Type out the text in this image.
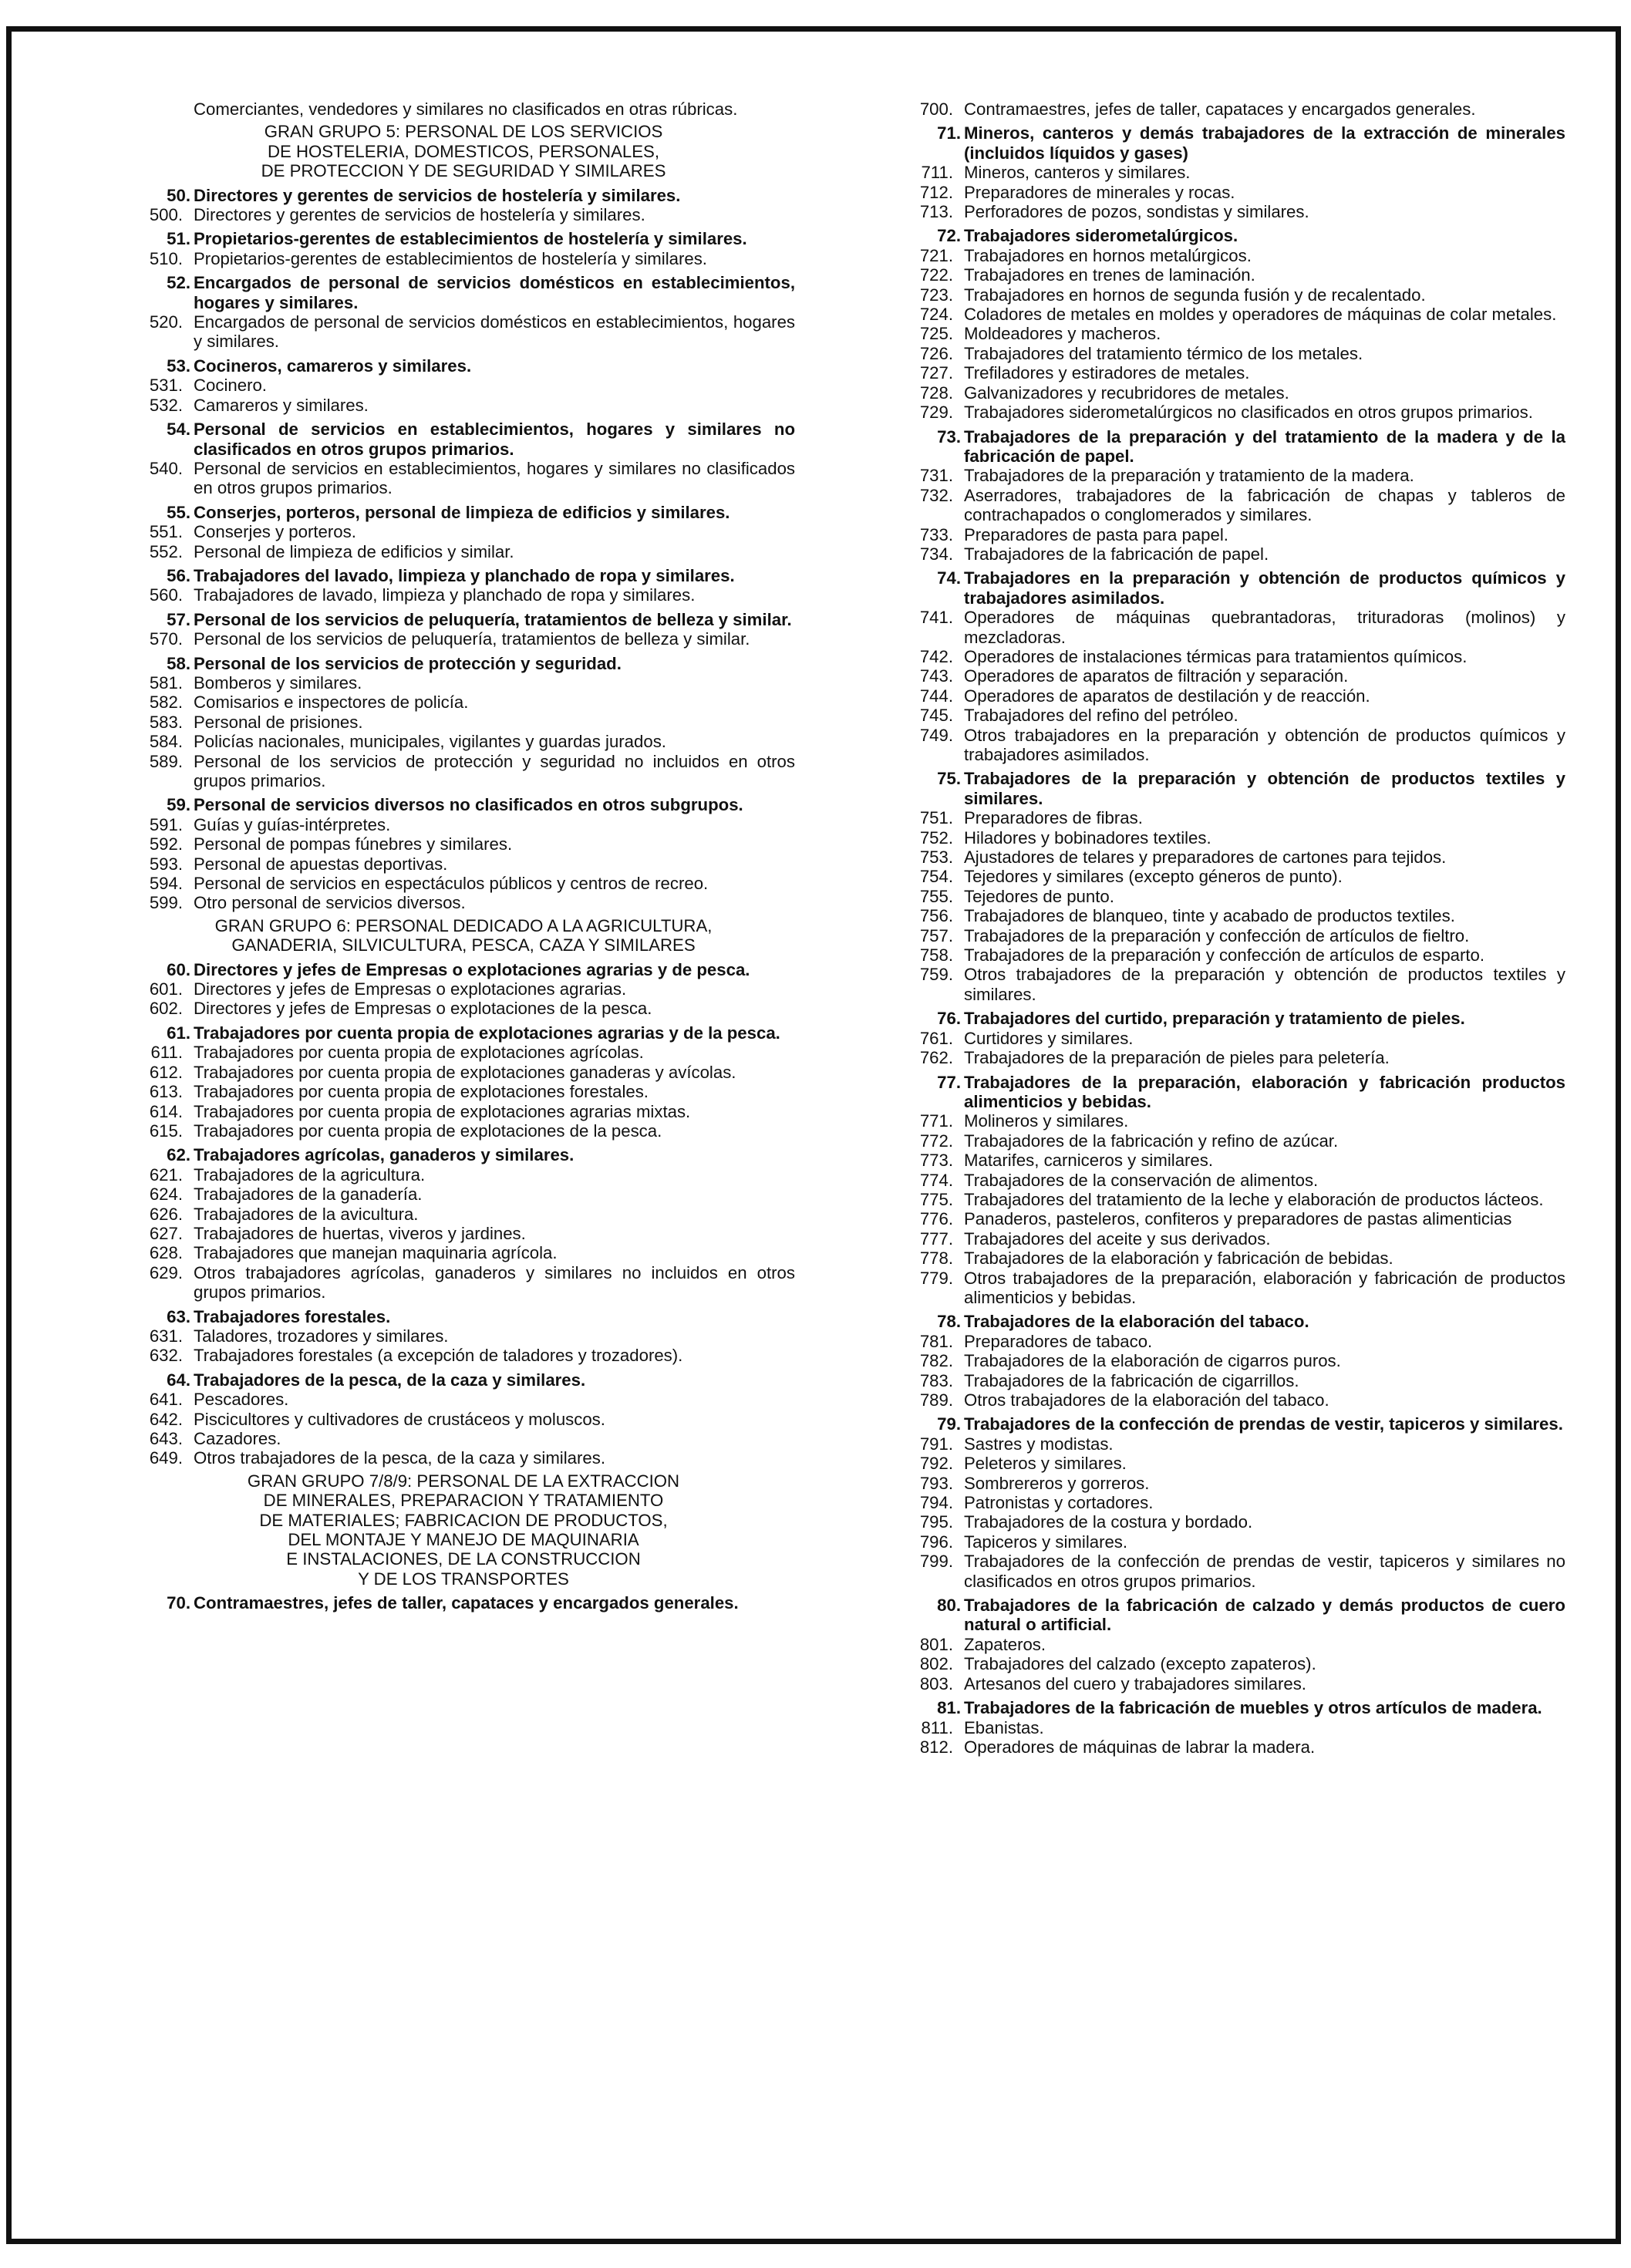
Comerciantes, vendedores y similares no clasificados en otras rúbricas.
GRAN GRUPO 5: PERSONAL DE LOS SERVICIOS
DE HOSTELERIA, DOMESTICOS, PERSONALES,
DE PROTECCION Y DE SEGURIDAD Y SIMILARES
50. Directores y gerentes de servicios de hostelería y similares.
500. Directores y gerentes de servicios de hostelería y similares.
51. Propietarios-gerentes de establecimientos de hostelería y similares.
510. Propietarios-gerentes de establecimientos de hostelería y similares.
52. Encargados de personal de servicios domésticos en establecimientos, hogares y similares.
520. Encargados de personal de servicios domésticos en establecimientos, hogares y similares.
53. Cocineros, camareros y similares.
531. Cocinero.
532. Camareros y similares.
54. Personal de servicios en establecimientos, hogares y similares no clasificados en otros grupos primarios.
540. Personal de servicios en establecimientos, hogares y similares no clasificados en otros grupos primarios.
55. Conserjes, porteros, personal de limpieza de edificios y similares.
551. Conserjes y porteros.
552. Personal de limpieza de edificios y similar.
56. Trabajadores del lavado, limpieza y planchado de ropa y similares.
560. Trabajadores de lavado, limpieza y planchado de ropa y similares.
57. Personal de los servicios de peluquería, tratamientos de belleza y similar.
570. Personal de los servicios de peluquería, tratamientos de belleza y similar.
58. Personal de los servicios de protección y seguridad.
581. Bomberos y similares.
582. Comisarios e inspectores de policía.
583. Personal de prisiones.
584. Policías nacionales, municipales, vigilantes y guardas jurados.
589. Personal de los servicios de protección y seguridad no incluidos en otros grupos primarios.
59. Personal de servicios diversos no clasificados en otros subgrupos.
591. Guías y guías-intérpretes.
592. Personal de pompas fúnebres y similares.
593. Personal de apuestas deportivas.
594. Personal de servicios en espectáculos públicos y centros de recreo.
599. Otro personal de servicios diversos.
GRAN GRUPO 6: PERSONAL DEDICADO A LA AGRICULTURA,
GANADERIA, SILVICULTURA, PESCA, CAZA Y SIMILARES
60. Directores y jefes de Empresas o explotaciones agrarias y de pesca.
601. Directores y jefes de Empresas o explotaciones agrarias.
602. Directores y jefes de Empresas o explotaciones de la pesca.
61. Trabajadores por cuenta propia de explotaciones agrarias y de la pesca.
611. Trabajadores por cuenta propia de explotaciones agrícolas.
612. Trabajadores por cuenta propia de explotaciones ganaderas y avícolas.
613. Trabajadores por cuenta propia de explotaciones forestales.
614. Trabajadores por cuenta propia de explotaciones agrarias mixtas.
615. Trabajadores por cuenta propia de explotaciones de la pesca.
62. Trabajadores agrícolas, ganaderos y similares.
621. Trabajadores de la agricultura.
624. Trabajadores de la ganadería.
626. Trabajadores de la avicultura.
627. Trabajadores de huertas, viveros y jardines.
628. Trabajadores que manejan maquinaria agrícola.
629. Otros trabajadores agrícolas, ganaderos y similares no incluidos en otros grupos primarios.
63. Trabajadores forestales.
631. Taladores, trozadores y similares.
632. Trabajadores forestales (a excepción de taladores y trozadores).
64. Trabajadores de la pesca, de la caza y similares.
641. Pescadores.
642. Piscicultores y cultivadores de crustáceos y moluscos.
643. Cazadores.
649. Otros trabajadores de la pesca, de la caza y similares.
GRAN GRUPO 7/8/9: PERSONAL DE LA EXTRACCION
DE MINERALES, PREPARACION Y TRATAMIENTO
DE MATERIALES; FABRICACION DE PRODUCTOS,
DEL MONTAJE Y MANEJO DE MAQUINARIA
E INSTALACIONES, DE LA CONSTRUCCION
Y DE LOS TRANSPORTES
70. Contramaestres, jefes de taller, capataces y encargados generales.
700. Contramaestres, jefes de taller, capataces y encargados generales.
71. Mineros, canteros y demás trabajadores de la extracción de minerales (incluidos líquidos y gases)
711. Mineros, canteros y similares.
712. Preparadores de minerales y rocas.
713. Perforadores de pozos, sondistas y similares.
72. Trabajadores siderometalúrgicos.
721. Trabajadores en hornos metalúrgicos.
722. Trabajadores en trenes de laminación.
723. Trabajadores en hornos de segunda fusión y de recalentado.
724. Coladores de metales en moldes y operadores de máquinas de colar metales.
725. Moldeadores y macheros.
726. Trabajadores del tratamiento térmico de los metales.
727. Trefiladores y estiradores de metales.
728. Galvanizadores y recubridores de metales.
729. Trabajadores siderometalúrgicos no clasificados en otros grupos primarios.
73. Trabajadores de la preparación y del tratamiento de la madera y de la fabricación de papel.
731. Trabajadores de la preparación y tratamiento de la madera.
732. Aserradores, trabajadores de la fabricación de chapas y tableros de contrachapados o conglomerados y similares.
733. Preparadores de pasta para papel.
734. Trabajadores de la fabricación de papel.
74. Trabajadores en la preparación y obtención de productos químicos y trabajadores asimilados.
741. Operadores de máquinas quebrantadoras, trituradoras (molinos) y mezcladoras.
742. Operadores de instalaciones térmicas para tratamientos químicos.
743. Operadores de aparatos de filtración y separación.
744. Operadores de aparatos de destilación y de reacción.
745. Trabajadores del refino del petróleo.
749. Otros trabajadores en la preparación y obtención de productos químicos y trabajadores asimilados.
75. Trabajadores de la preparación y obtención de productos textiles y similares.
751. Preparadores de fibras.
752. Hiladores y bobinadores textiles.
753. Ajustadores de telares y preparadores de cartones para tejidos.
754. Tejedores y similares (excepto géneros de punto).
755. Tejedores de punto.
756. Trabajadores de blanqueo, tinte y acabado de productos textiles.
757. Trabajadores de la preparación y confección de artículos de fieltro.
758. Trabajadores de la preparación y confección de artículos de esparto.
759. Otros trabajadores de la preparación y obtención de productos textiles y similares.
76. Trabajadores del curtido, preparación y tratamiento de pieles.
761. Curtidores y similares.
762. Trabajadores de la preparación de pieles para peletería.
77. Trabajadores de la preparación, elaboración y fabricación productos alimenticios y bebidas.
771. Molineros y similares.
772. Trabajadores de la fabricación y refino de azúcar.
773. Matarifes, carniceros y similares.
774. Trabajadores de la conservación de alimentos.
775. Trabajadores del tratamiento de la leche y elaboración de productos lácteos.
776. Panaderos, pasteleros, confiteros y preparadores de pastas alimenticias
777. Trabajadores del aceite y sus derivados.
778. Trabajadores de la elaboración y fabricación de bebidas.
779. Otros trabajadores de la preparación, elaboración y fabricación de productos alimenticios y bebidas.
78. Trabajadores de la elaboración del tabaco.
781. Preparadores de tabaco.
782. Trabajadores de la elaboración de cigarros puros.
783. Trabajadores de la fabricación de cigarrillos.
789. Otros trabajadores de la elaboración del tabaco.
79. Trabajadores de la confección de prendas de vestir, tapiceros y similares.
791. Sastres y modistas.
792. Peleteros y similares.
793. Sombrereros y gorreros.
794. Patronistas y cortadores.
795. Trabajadores de la costura y bordado.
796. Tapiceros y similares.
799. Trabajadores de la confección de prendas de vestir, tapiceros y similares no clasificados en otros grupos primarios.
80. Trabajadores de la fabricación de calzado y demás productos de cuero natural o artificial.
801. Zapateros.
802. Trabajadores del calzado (excepto zapateros).
803. Artesanos del cuero y trabajadores similares.
81. Trabajadores de la fabricación de muebles y otros artículos de madera.
811. Ebanistas.
812. Operadores de máquinas de labrar la madera.
